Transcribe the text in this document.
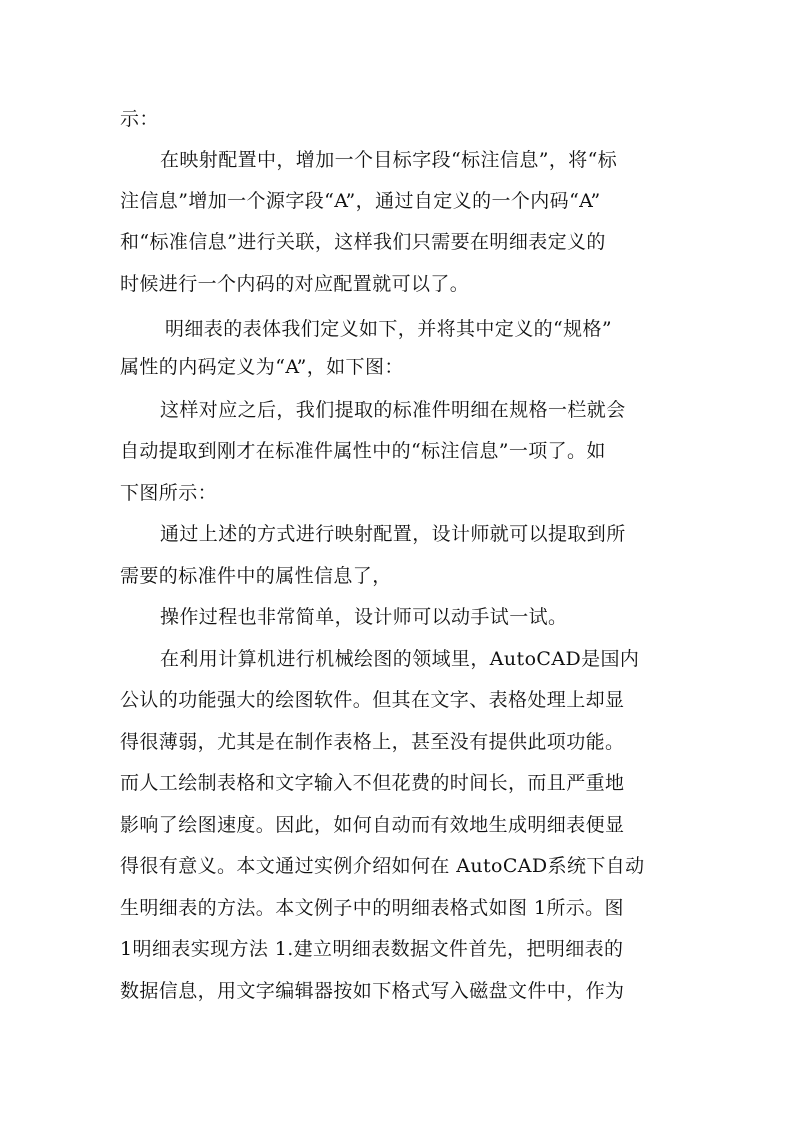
示：
在映射配置中，增加一个目标字段“标注信息”，将“标
注信息”增加一个源字段“A”，通过自定义的一个内码“A”
和“标准信息”进行关联，这样我们只需要在明细表定义的
时候进行一个内码的对应配置就可以了。
明细表的表体我们定义如下，并将其中定义的“规格”
属性的内码定义为“A”，如下图：
这样对应之后，我们提取的标准件明细在规格一栏就会
自动提取到刚才在标准件属性中的“标注信息”一项了。如
下图所示：
通过上述的方式进行映射配置，设计师就可以提取到所
需要的标准件中的属性信息了，
操作过程也非常简单，设计师可以动手试一试。
在利用计算机进行机械绘图的领域里，AutoCAD是国内
公认的功能强大的绘图软件。但其在文字、表格处理上却显
得很薄弱，尤其是在制作表格上，甚至没有提供此项功能。
而人工绘制表格和文字输入不但花费的时间长，而且严重地
影响了绘图速度。因此，如何自动而有效地生成明细表便显
得很有意义。本文通过实例介绍如何在 AutoCAD系统下自动
生明细表的方法。本文例子中的明细表格式如图 1所示。图
1明细表实现方法 1.建立明细表数据文件首先，把明细表的
数据信息，用文字编辑器按如下格式写入磁盘文件中，作为
